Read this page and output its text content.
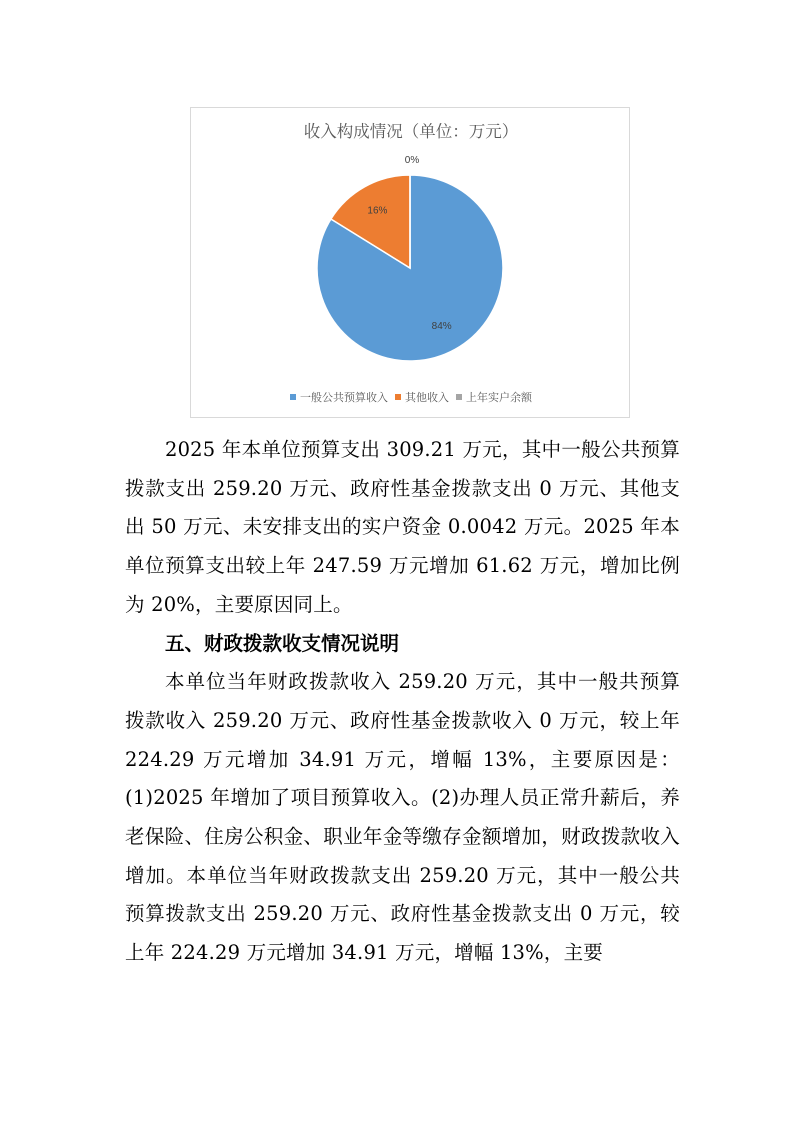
收入构成情况（单位：万元）
84%
16%
0%
一般公共预算收入 其他收入 上年实户余额

2025 年本单位预算支出 309.21 万元，其中一般公共预算拨款支出 259.20 万元、政府性基金拨款支出 0 万元、其他支出 50 万元、未安排支出的实户资金 0.0042 万元。2025 年本单位预算支出较上年 247.59 万元增加 61.62 万元，增加比例为 20%，主要原因同上。

五、财政拨款收支情况说明

本单位当年财政拨款收入 259.20 万元，其中一般共预算拨款收入 259.20 万元、政府性基金拨款收入 0 万元，较上年 224.29 万元增加 34.91 万元，增幅 13%，主要原因是：(1)2025 年增加了项目预算收入。(2)办理人员正常升薪后，养老保险、住房公积金、职业年金等缴存金额增加，财政拨款收入增加。本单位当年财政拨款支出 259.20 万元，其中一般公共预算拨款支出 259.20 万元、政府性基金拨款支出 0 万元，较上年 224.29 万元增加 34.91 万元，增幅 13%，主要
